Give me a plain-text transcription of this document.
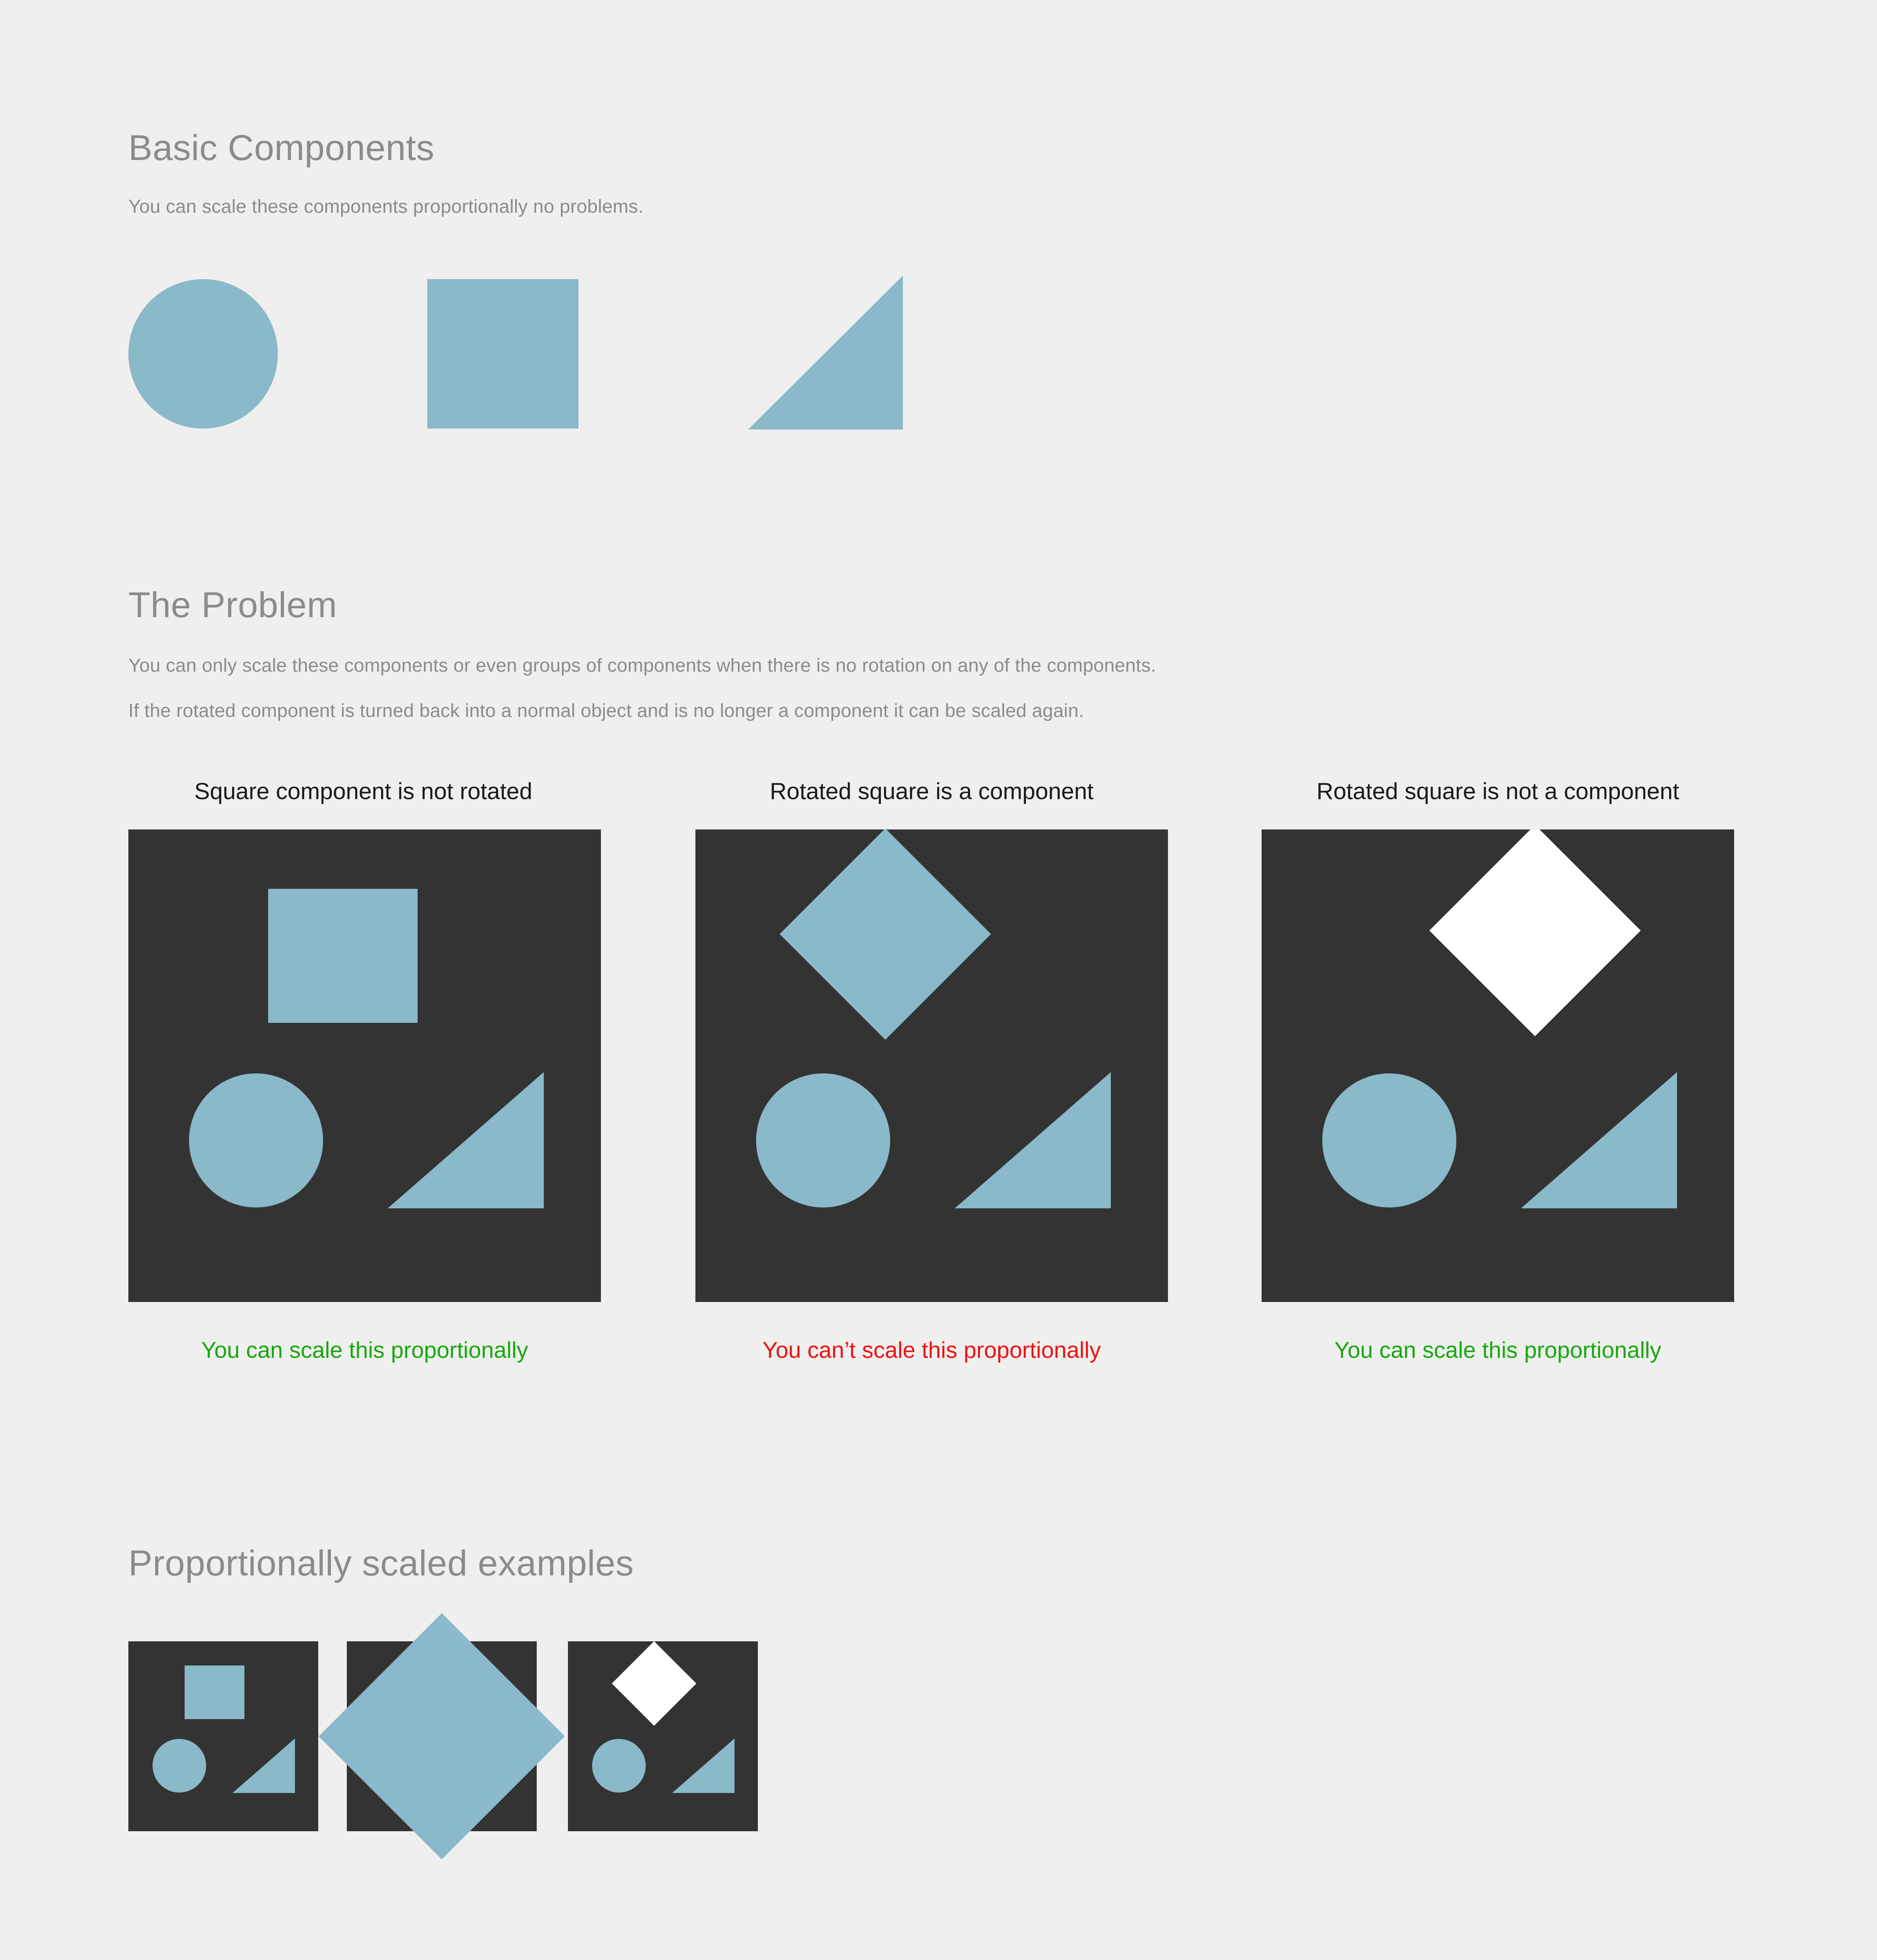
Basic Components

You can scale these components proportionally no problems.

The Problem

You can only scale these components or even groups of components when there is no rotation on any of the components.

If the rotated component is turned back into a normal object and is no longer a component it can be scaled again.

Square component is not rotated
You can scale this proportionally
Rotated square is a component
You can’t scale this proportionally
Rotated square is not a component
You can scale this proportionally
Proportionally scaled examples
